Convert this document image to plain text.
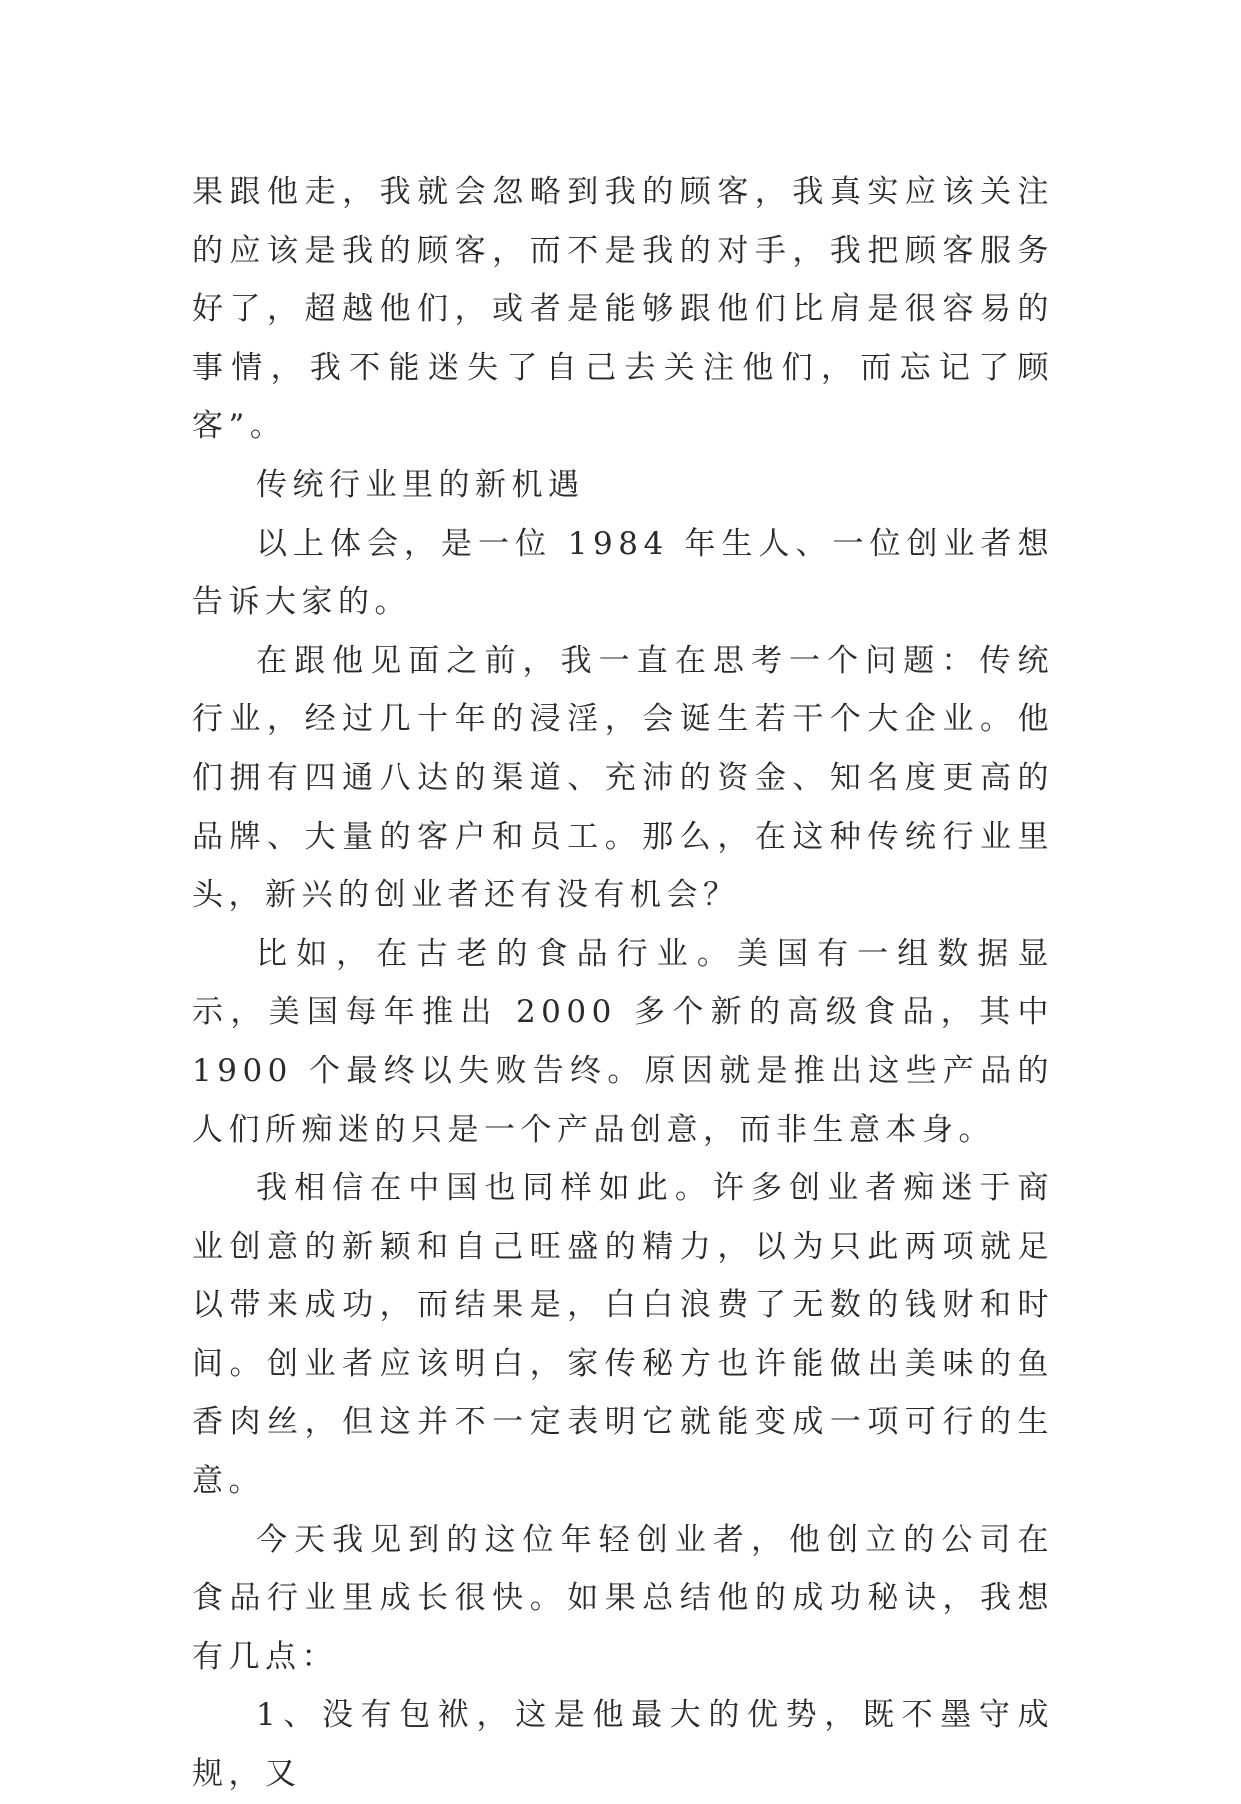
果跟他走，我就会忽略到我的顾客，我真实应该关注的应该是我的顾客，而不是我的对手，我把顾客服务好了，超越他们，或者是能够跟他们比肩是很容易的事情，我不能迷失了自己去关注他们，而忘记了顾客”。

传统行业里的新机遇

以上体会，是一位 1984 年生人、一位创业者想告诉大家的。

在跟他见面之前，我一直在思考一个问题：传统行业，经过几十年的浸淫，会诞生若干个大企业。他们拥有四通八达的渠道、充沛的资金、知名度更高的品牌、大量的客户和员工。那么，在这种传统行业里头，新兴的创业者还有没有机会？

比如，在古老的食品行业。美国有一组数据显示，美国每年推出 2000 多个新的高级食品，其中 1900 个最终以失败告终。原因就是推出这些产品的人们所痴迷的只是一个产品创意，而非生意本身。

我相信在中国也同样如此。许多创业者痴迷于商业创意的新颖和自己旺盛的精力，以为只此两项就足以带来成功，而结果是，白白浪费了无数的钱财和时间。创业者应该明白，家传秘方也许能做出美味的鱼香肉丝，但这并不一定表明它就能变成一项可行的生意。

今天我见到的这位年轻创业者，他创立的公司在食品行业里成长很快。如果总结他的成功秘诀，我想有几点：

1、没有包袱，这是他最大的优势，既不墨守成规，又
